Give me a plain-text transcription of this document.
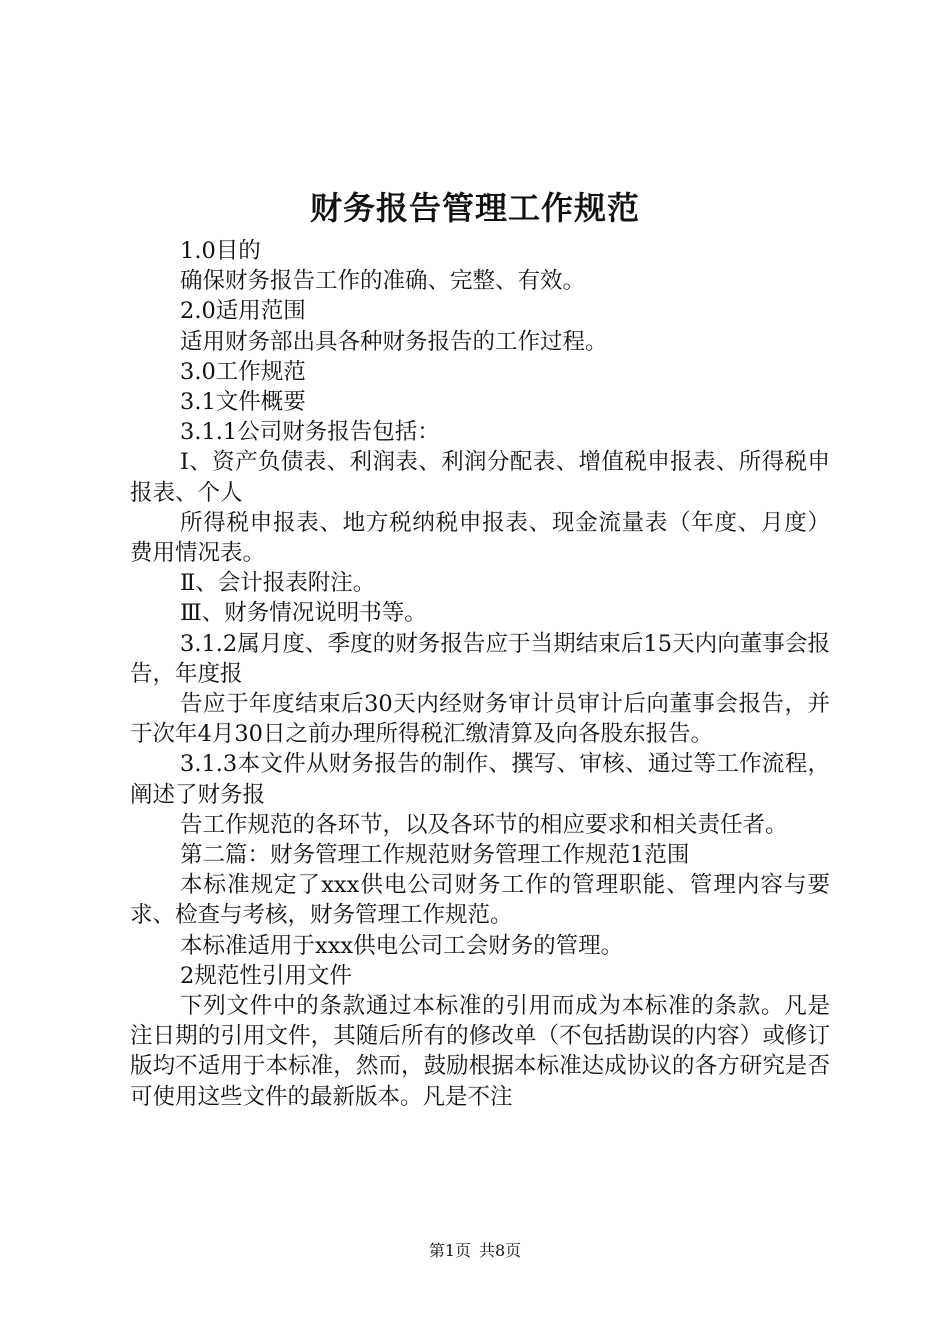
财务报告管理工作规范

1.0目的

确保财务报告工作的准确、完整、有效。

2.0适用范围

适用财务部出具各种财务报告的工作过程。

3.0工作规范

3.1文件概要

3.1.1公司财务报告包括：

Ⅰ、资产负债表、利润表、利润分配表、增值税申报表、所得税申报表、个人

所得税申报表、地方税纳税申报表、现金流量表（年度、月度）费用情况表。

Ⅱ、会计报表附注。

Ⅲ、财务情况说明书等。

3.1.2属月度、季度的财务报告应于当期结束后15天内向董事会报告，年度报

告应于年度结束后30天内经财务审计员审计后向董事会报告，并于次年4月30日之前办理所得税汇缴清算及向各股东报告。

3.1.3本文件从财务报告的制作、撰写、审核、通过等工作流程，阐述了财务报

告工作规范的各环节，以及各环节的相应要求和相关责任者。

第二篇：财务管理工作规范财务管理工作规范1范围

本标准规定了xxx供电公司财务工作的管理职能、管理内容与要求、检查与考核，财务管理工作规范。

本标准适用于xxx供电公司工会财务的管理。

2规范性引用文件

下列文件中的条款通过本标准的引用而成为本标准的条款。凡是注日期的引用文件，其随后所有的修改单（不包括勘误的内容）或修订版均不适用于本标准，然而，鼓励根据本标准达成协议的各方研究是否可使用这些文件的最新版本。凡是不注

第1页 共8页
